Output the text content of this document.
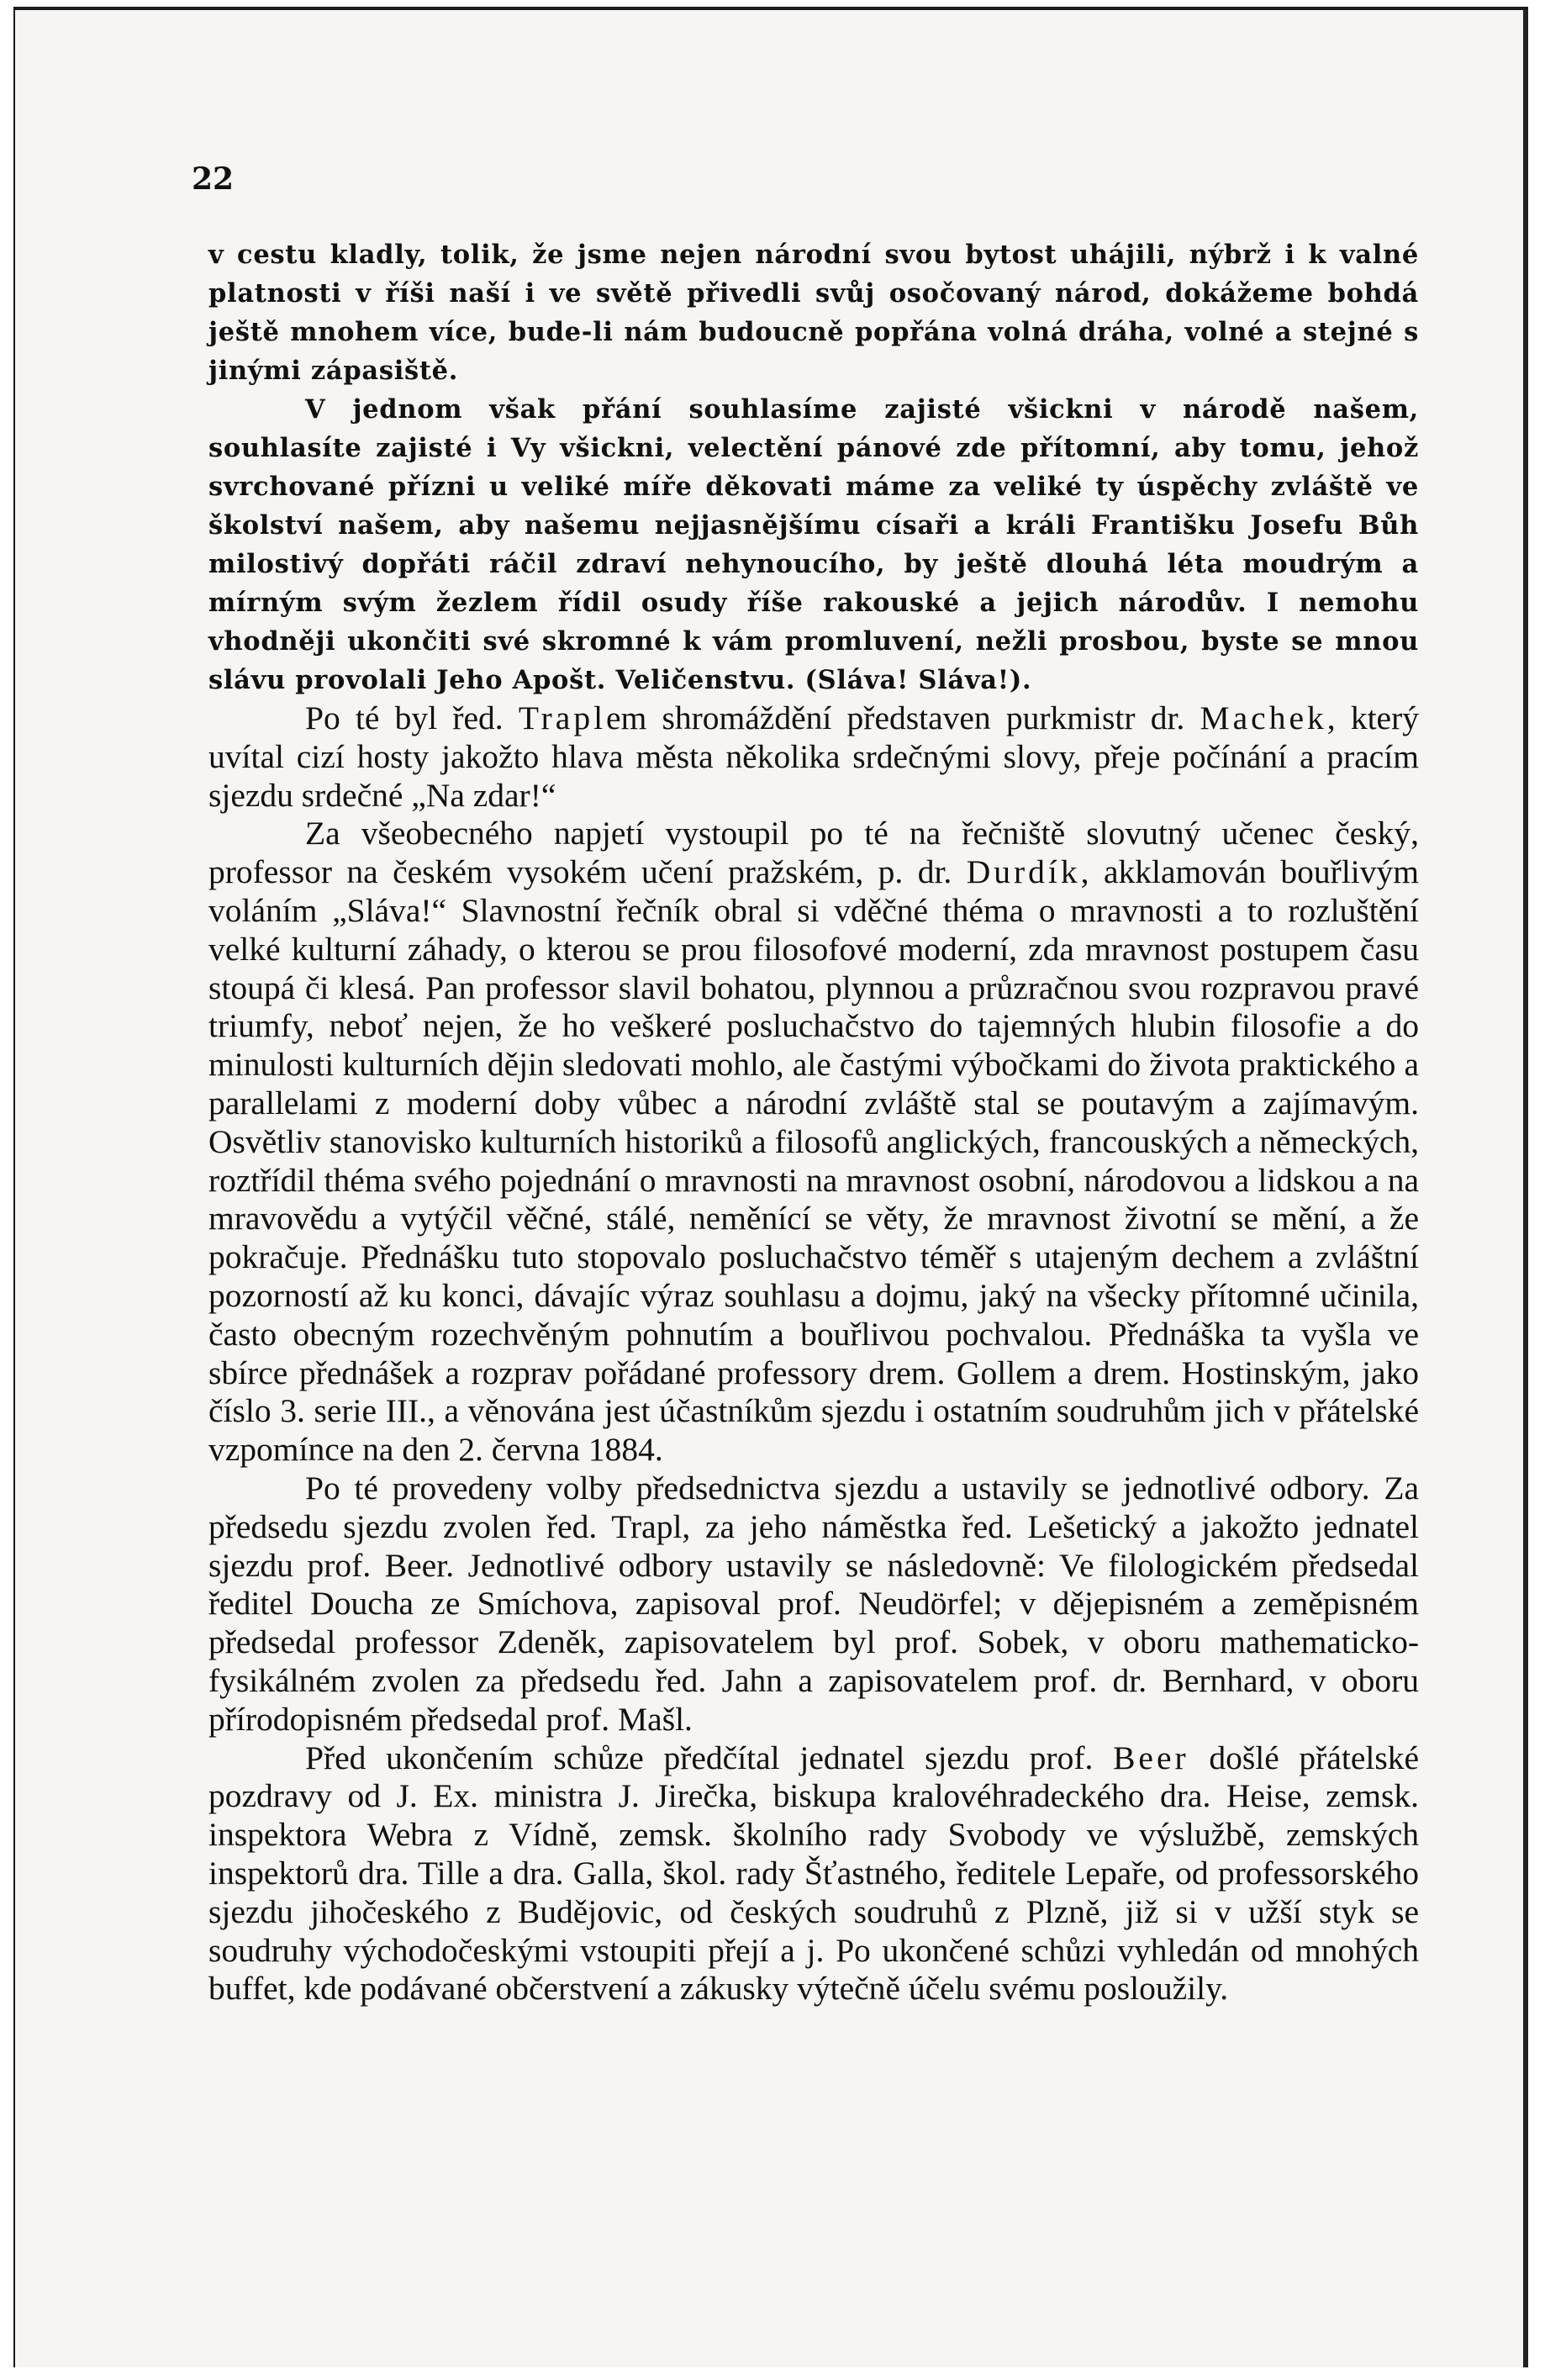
22

v cestu kladly, tolik, že jsme nejen národní svou bytost uhájili, nýbrž i k valné platnosti v říši naší i ve světě přivedli svůj osočovaný národ, dokážeme bohdá ještě mnohem více, bude-li nám budoucně popřána volná dráha, volné a stejné s jinými zápasiště.

V jednom však přání souhlasíme zajisté všickni v národě našem, souhlasíte zajisté i Vy všickni, velectění pánové zde přítomní, aby tomu, jehož svrchované přízni u veliké míře děkovati máme za veliké ty úspěchy zvláště ve školství našem, aby našemu nejjasnějšímu císaři a králi Františku Josefu Bůh milostivý dopřáti ráčil zdraví nehynoucího, by ještě dlouhá léta moudrým a mírným svým žezlem řídil osudy říše rakouské a jejich národův. I nemohu vhodněji ukončiti své skromné k vám promluvení, nežli prosbou, byste se mnou slávu provolali Jeho Apošt. Veličenstvu. (Sláva! Sláva!).

Po té byl řed. Traplem shromáždění představen purkmistr dr. Machek, který uvítal cizí hosty jakožto hlava města několika srdečnými slovy, přeje počínání a pracím sjezdu srdečné „Na zdar!“

Za všeobecného napjetí vystoupil po té na řečniště slovutný učenec český, professor na českém vysokém učení pražském, p. dr. Durdík, akklamován bouřlivým voláním „Sláva!“ Slavnostní řečník obral si vděčné théma o mravnosti a to rozluštění velké kulturní záhady, o kterou se prou filosofové moderní, zda mravnost postupem času stoupá či klesá. Pan professor slavil bohatou, plynnou a průzračnou svou rozpravou pravé triumfy, neboť nejen, že ho veškeré posluchačstvo do tajemných hlubin filosofie a do minulosti kulturních dějin sledovati mohlo, ale častými výbočkami do života praktického a parallelami z moderní doby vůbec a národní zvláště stal se poutavým a zajímavým. Osvětliv stanovisko kulturních historiků a filosofů anglických, francouských a německých, roztřídil théma svého pojednání o mravnosti na mravnost osobní, národovou a lidskou a na mravovědu a vytýčil věčné, stálé, neměnící se věty, že mravnost životní se mění, a že pokračuje. Přednášku tuto stopovalo posluchačstvo téměř s utajeným dechem a zvláštní pozorností až ku konci, dávajíc výraz souhlasu a dojmu, jaký na všecky přítomné učinila, často obecným rozechvěným pohnutím a bouřlivou pochvalou. Přednáška ta vyšla ve sbírce přednášek a rozprav pořádané professory drem. Gollem a drem. Hostinským, jako číslo 3. serie III., a věnována jest účastníkům sjezdu i ostatním soudruhům jich v přátelské vzpomínce na den 2. června 1884.

Po té provedeny volby předsednictva sjezdu a ustavily se jednotlivé odbory. Za předsedu sjezdu zvolen řed. Trapl, za jeho náměstka řed. Lešetický a jakožto jednatel sjezdu prof. Beer. Jednotlivé odbory ustavily se následovně: Ve filologickém předsedal ředitel Doucha ze Smíchova, zapisoval prof. Neudörfel; v dějepisném a zeměpisném předsedal professor Zdeněk, zapisovatelem byl prof. Sobek, v oboru mathematicko-fysikálném zvolen za předsedu řed. Jahn a zapisovatelem prof. dr. Bernhard, v oboru přírodopisném předsedal prof. Mašl.

Před ukončením schůze předčítal jednatel sjezdu prof. Beer došlé přátelské pozdravy od J. Ex. ministra J. Jirečka, biskupa kralovéhradeckého dra. Heise, zemsk. inspektora Webra z Vídně, zemsk. školního rady Svobody ve výslužbě, zemských inspektorů dra. Tille a dra. Galla, škol. rady Šťastného, ředitele Lepaře, od professorského sjezdu jihočeského z Budějovic, od českých soudruhů z Plzně, již si v užší styk se soudruhy východočeskými vstoupiti přejí a j. Po ukončené schůzi vyhledán od mnohých buffet, kde podávané občerstvení a zákusky výtečně účelu svému posloužily.
